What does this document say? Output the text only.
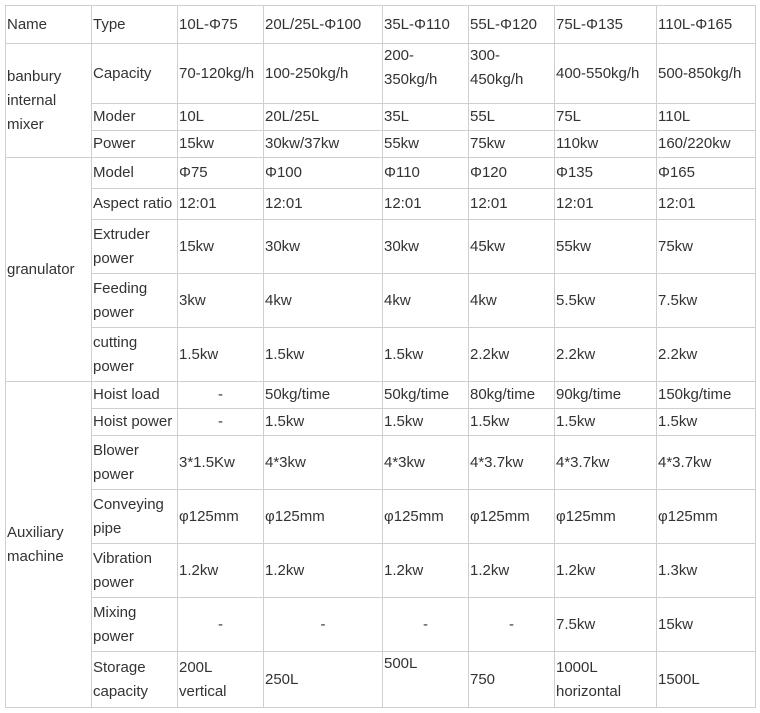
Name	Type	10L-Φ75	20L/25L-Φ100	35L-Φ110	55L-Φ120	75L-Φ135	110L-Φ165
banbury internal mixer	Capacity	70-120kg/h	100-250kg/h	200-350kg/h	300-450kg/h	400-550kg/h	500-850kg/h
	Moder	10L	20L/25L	35L	55L	75L	110L
	Power	15kw	30kw/37kw	55kw	75kw	110kw	160/220kw
granulator	Model	Φ75	Φ100	Φ110	Φ120	Φ135	Φ165
	Aspect ratio	12:01	12:01	12:01	12:01	12:01	12:01
	Extruder power	15kw	30kw	30kw	45kw	55kw	75kw
	Feeding power	3kw	4kw	4kw	4kw	5.5kw	7.5kw
	cutting power	1.5kw	1.5kw	1.5kw	2.2kw	2.2kw	2.2kw
Auxiliary machine	Hoist load	-	50kg/time	50kg/time	80kg/time	90kg/time	150kg/time
	Hoist power	-	1.5kw	1.5kw	1.5kw	1.5kw	1.5kw
	Blower power	3*1.5Kw	4*3kw	4*3kw	4*3.7kw	4*3.7kw	4*3.7kw
	Conveying pipe	φ125mm	φ125mm	φ125mm	φ125mm	φ125mm	φ125mm
	Vibration power	1.2kw	1.2kw	1.2kw	1.2kw	1.2kw	1.3kw
	Mixing power	-	-	-	-	7.5kw	15kw
	Storage capacity	200L vertical	250L	500L	750	1000L horizontal	1500L
